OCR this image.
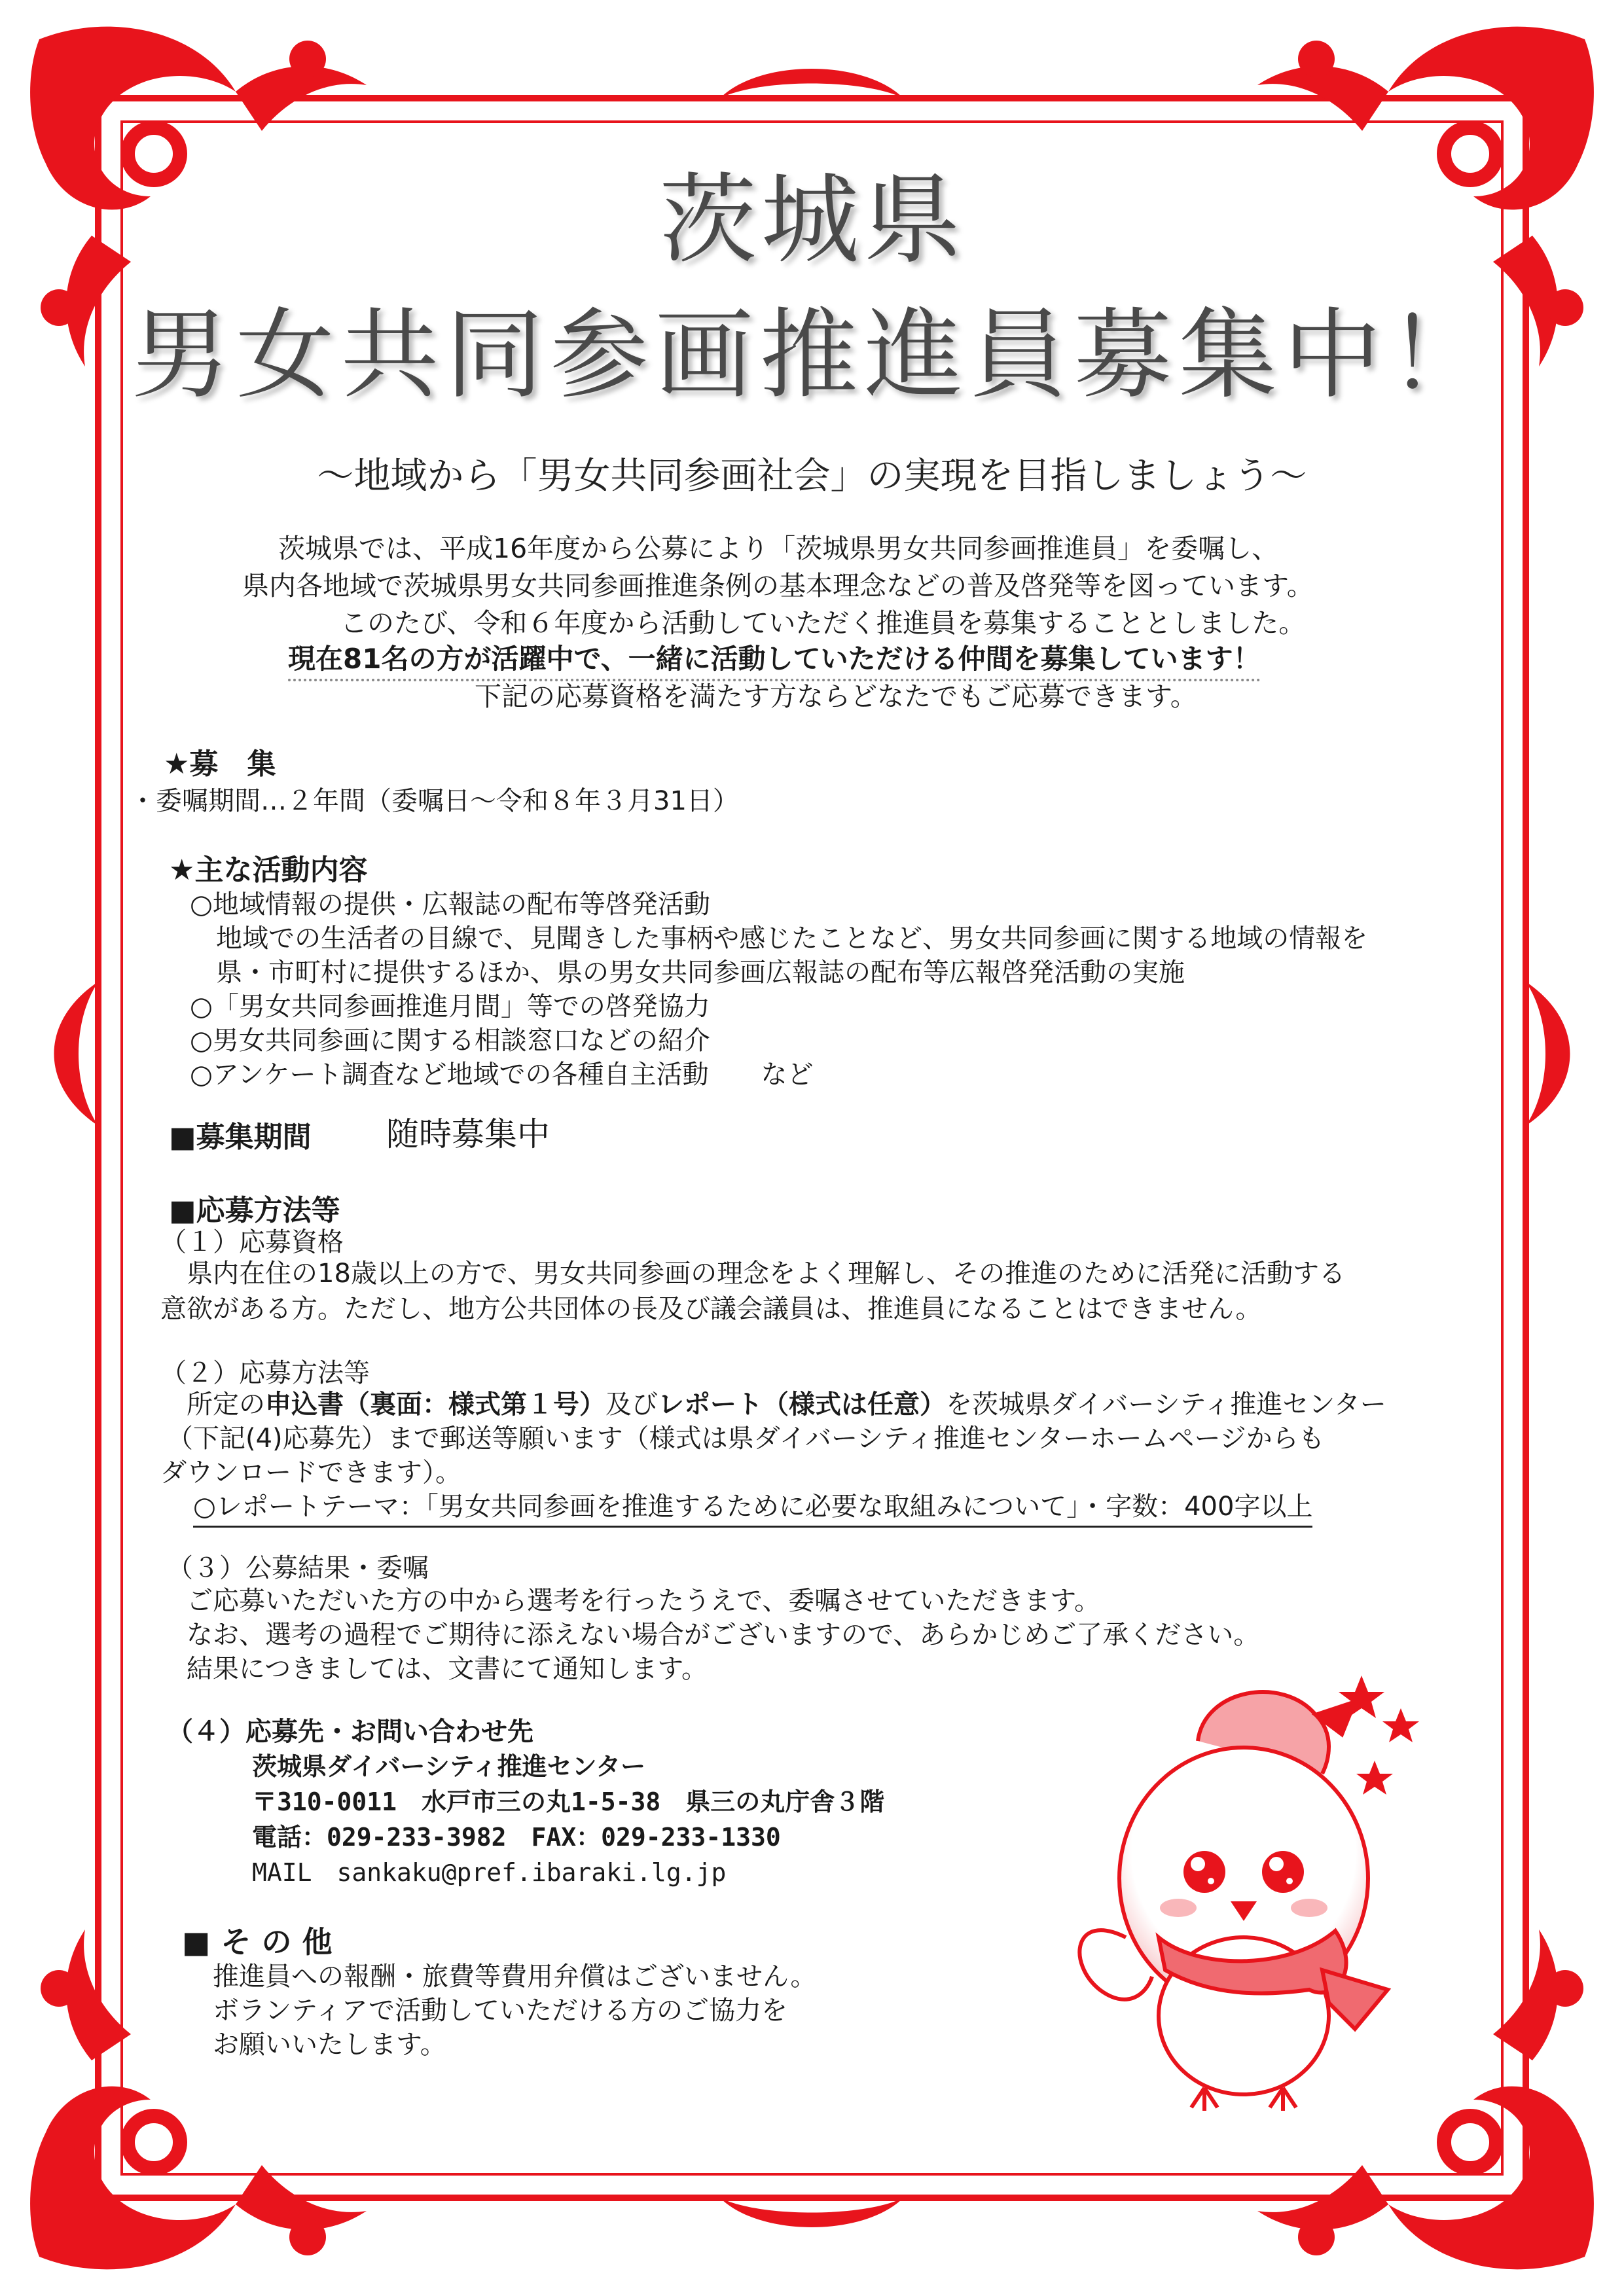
茨城県
男女共同参画推進員募集中！
～地域から「男女共同参画社会」の実現を目指しましょう～
茨城県では、平成16年度から公募により「茨城県男女共同参画推進員」を委嘱し、
県内各地域で茨城県男女共同参画推進条例の基本理念などの普及啓発等を図っています。
このたび、令和６年度から活動していただく推進員を募集することとしました。
現在81名の方が活躍中で、一緒に活動していただける仲間を募集しています！
下記の応募資格を満たす方ならどなたでもご応募できます。
★募　集
・委嘱期間…２年間（委嘱日～令和８年３月31日）
★主な活動内容
○地域情報の提供・広報誌の配布等啓発活動
地域での生活者の目線で、見聞きした事柄や感じたことなど、男女共同参画に関する地域の情報を
県・市町村に提供するほか、県の男女共同参画広報誌の配布等広報啓発活動の実施
○「男女共同参画推進月間」等での啓発協力
○男女共同参画に関する相談窓口などの紹介
○アンケート調査など地域での各種自主活動　　など
■募集期間 随時募集中
■応募方法等
（１）応募資格
県内在住の18歳以上の方で、男女共同参画の理念をよく理解し、その推進のために活発に活動する
意欲がある方。ただし、地方公共団体の長及び議会議員は、推進員になることはできません。
（２）応募方法等
所定の申込書（裏面：様式第１号）及びレポート（様式は任意）を茨城県ダイバーシティ推進センター
（下記(4)応募先）まで郵送等願います（様式は県ダイバーシティ推進センターホームページからも
ダウンロードできます）。
○レポートテーマ：「男女共同参画を推進するために必要な取組みについて」・字数：400字以上
（３）公募結果・委嘱
ご応募いただいた方の中から選考を行ったうえで、委嘱させていただきます。
なお、選考の過程でご期待に添えない場合がございますので、あらかじめご了承ください。
結果につきましては、文書にて通知します。
（４）応募先・お問い合わせ先
茨城県ダイバーシティ推進センター
〒310-0011　水戸市三の丸1-5-38　県三の丸庁舎３階
電話：029-233-3982　FAX：029-233-1330
MAIL　sankaku@pref.ibaraki.lg.jp
■ そ の 他
推進員への報酬・旅費等費用弁償はございません。
ボランティアで活動していただける方のご協力を
お願いいたします。
